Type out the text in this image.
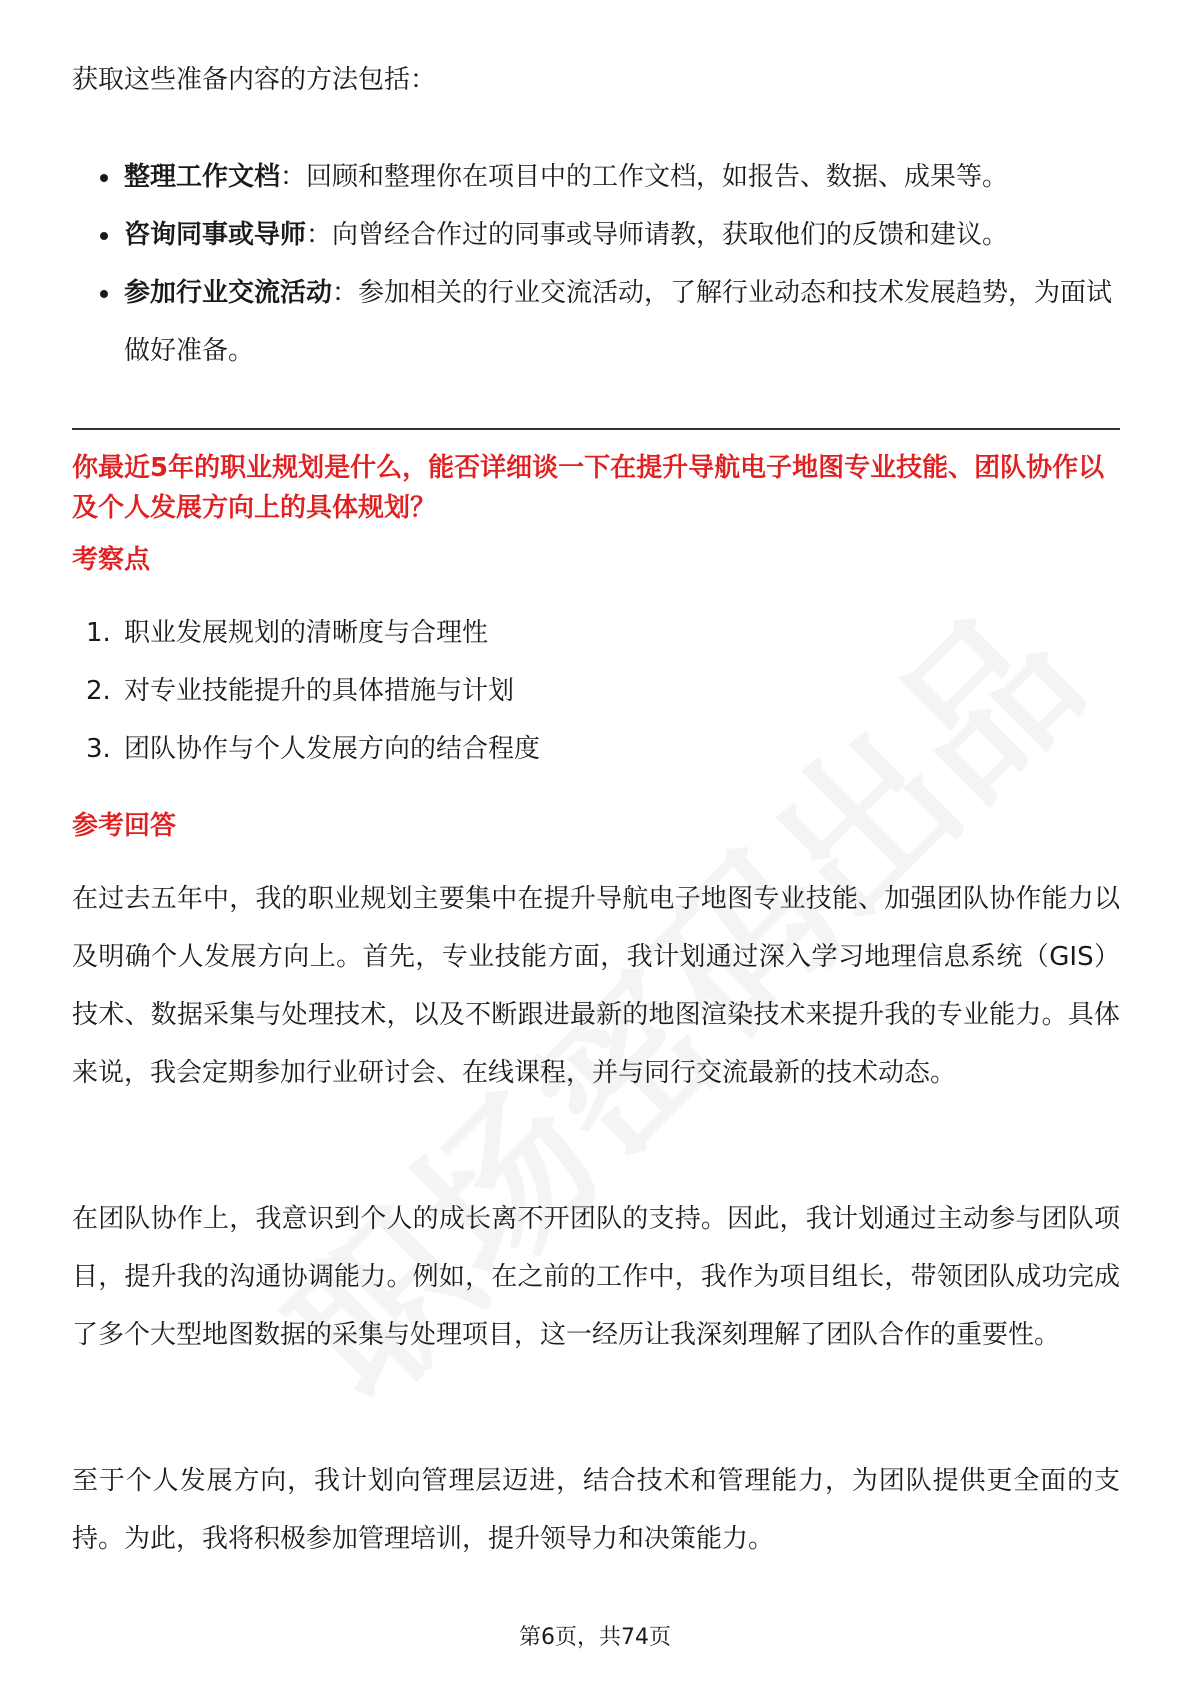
获取这些准备内容的方法包括：

整理工作文档：回顾和整理你在项目中的工作文档，如报告、数据、成果等。
咨询同事或导师：向曾经合作过的同事或导师请教，获取他们的反馈和建议。
参加行业交流活动：参加相关的行业交流活动，了解行业动态和技术发展趋势，为面试做好准备。

你最近5年的职业规划是什么，能否详细谈一下在提升导航电子地图专业技能、团队协作以及个人发展方向上的具体规划？

考察点

1. 职业发展规划的清晰度与合理性
2. 对专业技能提升的具体措施与计划
3. 团队协作与个人发展方向的结合程度

参考回答

在过去五年中，我的职业规划主要集中在提升导航电子地图专业技能、加强团队协作能力以及明确个人发展方向上。首先，专业技能方面，我计划通过深入学习地理信息系统（GIS）技术、数据采集与处理技术，以及不断跟进最新的地图渲染技术来提升我的专业能力。具体来说，我会定期参加行业研讨会、在线课程，并与同行交流最新的技术动态。

在团队协作上，我意识到个人的成长离不开团队的支持。因此，我计划通过主动参与团队项目，提升我的沟通协调能力。例如，在之前的工作中，我作为项目组长，带领团队成功完成了多个大型地图数据的采集与处理项目，这一经历让我深刻理解了团队合作的重要性。

至于个人发展方向，我计划向管理层迈进，结合技术和管理能力，为团队提供更全面的支持。为此，我将积极参加管理培训，提升领导力和决策能力。

第6页，共74页
